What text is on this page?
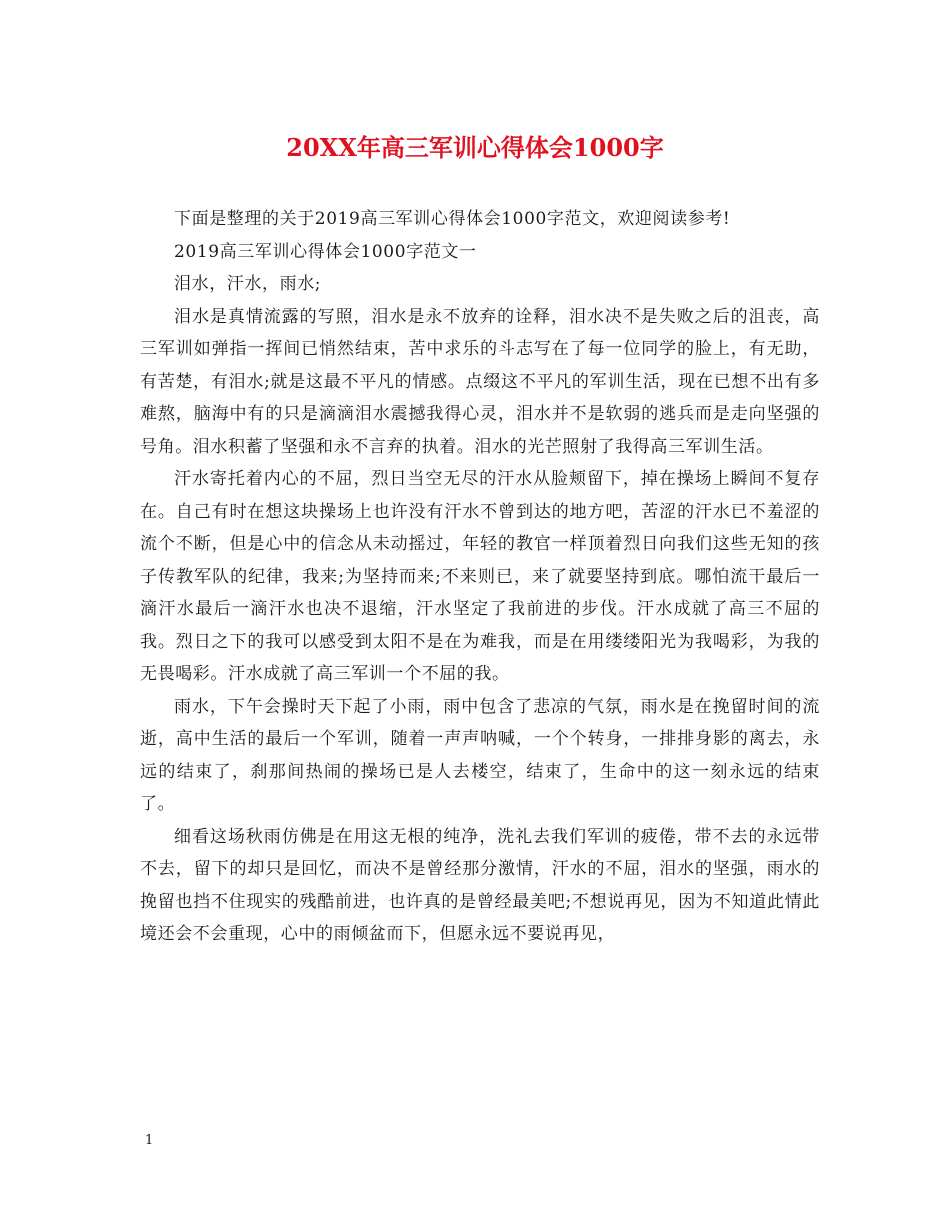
20XX年高三军训心得体会1000字

下面是整理的关于2019高三军训心得体会1000字范文，欢迎阅读参考!

2019高三军训心得体会1000字范文一

泪水，汗水，雨水;

泪水是真情流露的写照，泪水是永不放弃的诠释，泪水决不是失败之后的沮丧，高三军训如弹指一挥间已悄然结束，苦中求乐的斗志写在了每一位同学的脸上，有无助，有苦楚，有泪水;就是这最不平凡的情感。点缀这不平凡的军训生活，现在已想不出有多难熬，脑海中有的只是滴滴泪水震撼我得心灵，泪水并不是软弱的逃兵而是走向坚强的号角。泪水积蓄了坚强和永不言弃的执着。泪水的光芒照射了我得高三军训生活。

汗水寄托着内心的不屈，烈日当空无尽的汗水从脸颊留下，掉在操场上瞬间不复存在。自己有时在想这块操场上也许没有汗水不曾到达的地方吧，苦涩的汗水已不羞涩的流个不断，但是心中的信念从未动摇过，年轻的教官一样顶着烈日向我们这些无知的孩子传教军队的纪律，我来;为坚持而来;不来则已，来了就要坚持到底。哪怕流干最后一滴汗水最后一滴汗水也决不退缩，汗水坚定了我前进的步伐。汗水成就了高三不屈的我。烈日之下的我可以感受到太阳不是在为难我，而是在用缕缕阳光为我喝彩，为我的无畏喝彩。汗水成就了高三军训一个不屈的我。

雨水，下午会操时天下起了小雨，雨中包含了悲凉的气氛，雨水是在挽留时间的流逝，高中生活的最后一个军训，随着一声声呐喊，一个个转身，一排排身影的离去，永远的结束了，刹那间热闹的操场已是人去楼空，结束了，生命中的这一刻永远的结束了。

细看这场秋雨仿佛是在用这无根的纯净，洗礼去我们军训的疲倦，带不去的永远带不去，留下的却只是回忆，而决不是曾经那分激情，汗水的不屈，泪水的坚强，雨水的挽留也挡不住现实的残酷前进，也许真的是曾经最美吧;不想说再见，因为不知道此情此境还会不会重现，心中的雨倾盆而下，但愿永远不要说再见，

1
